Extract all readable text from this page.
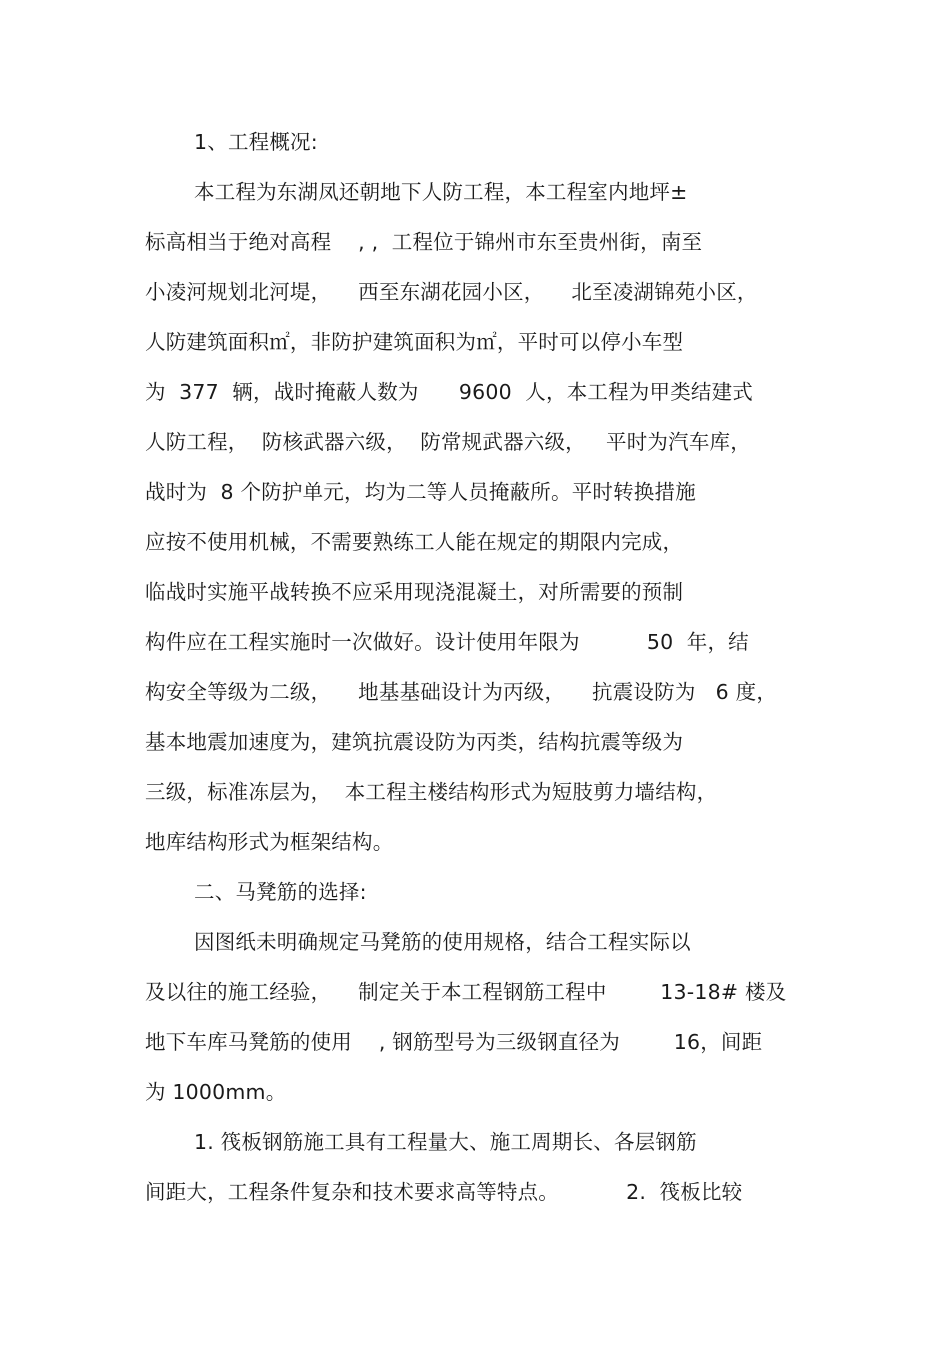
1、工程概况:
本工程为东湖凤还朝地下人防工程，本工程室内地坪±
标高相当于绝对高程    , ,  工程位于锦州市东至贵州街，南至
小凌河规划北河堤，    西至东湖花园小区，    北至凌湖锦苑小区，
人防建筑面积㎡，非防护建筑面积为㎡，平时可以停小车型
为  377  辆，战时掩蔽人数为      9600  人，本工程为甲类结建式
人防工程，  防核武器六级，  防常规武器六级，   平时为汽车库，
战时为  8 个防护单元，均为二等人员掩蔽所。平时转换措施
应按不使用机械，不需要熟练工人能在规定的期限内完成，
临战时实施平战转换不应采用现浇混凝土，对所需要的预制
构件应在工程实施时一次做好。设计使用年限为          50  年，结
构安全等级为二级，    地基基础设计为丙级，    抗震设防为   6 度，
基本地震加速度为，建筑抗震设防为丙类，结构抗震等级为
三级，标准冻层为，  本工程主楼结构形式为短肢剪力墙结构，
地库结构形式为框架结构。
二、马凳筋的选择:
因图纸未明确规定马凳筋的使用规格，结合工程实际以
及以往的施工经验，    制定关于本工程钢筋工程中        13-18# 楼及
地下车库马凳筋的使用    , 钢筋型号为三级钢直径为        16，间距
为 1000mm。
1. 筏板钢筋施工具有工程量大、施工周期长、各层钢筋
间距大，工程条件复杂和技术要求高等特点。          2.  筏板比较
